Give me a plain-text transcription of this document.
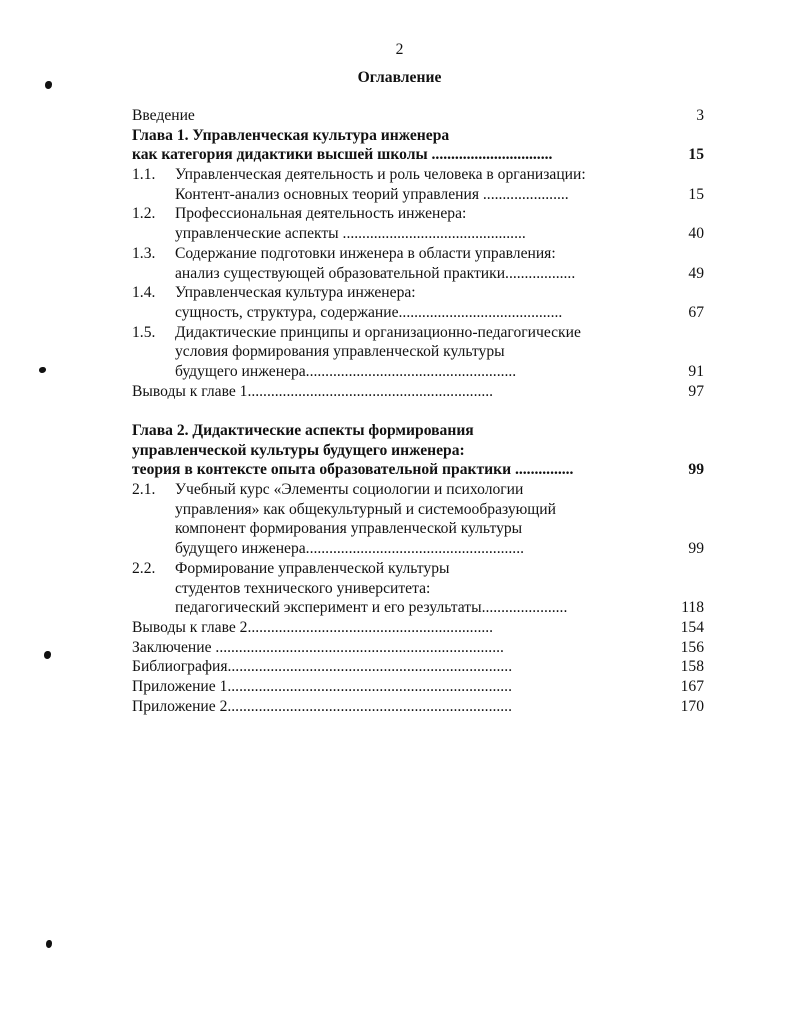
2
Оглавление
Введение	3
Глава 1. Управленческая культура инженера
как категория дидактики высшей школы ...............................	15
1.1. Управленческая деятельность и роль человека в организации:
Контент-анализ основных теорий управления ......................	15
1.2. Профессиональная деятельность инженера:
управленческие аспекты ...............................................	40
1.3. Содержание подготовки инженера в области управления:
анализ существующей образовательной практики..................	49
1.4. Управленческая культура инженера:
сущность, структура, содержание..........................................	67
1.5. Дидактические принципы и организационно-педагогические
условия формирования управленческой культуры
будущего инженера......................................................	91
Выводы к главе 1...............................................................	97
Глава 2. Дидактические аспекты формирования
управленческой культуры будущего инженера:
теория в контексте опыта образовательной практики ...............	99
2.1. Учебный курс «Элементы социологии и психологии
управления» как общекультурный и системообразующий
компонент формирования управленческой культуры
будущего инженера........................................................	99
2.2. Формирование управленческой культуры
студентов технического университета:
педагогический эксперимент и его результаты......................	118
Выводы к главе 2...............................................................	154
Заключение ..........................................................................	156
Библиография.........................................................................	158
Приложение 1.........................................................................	167
Приложение 2.........................................................................	170
